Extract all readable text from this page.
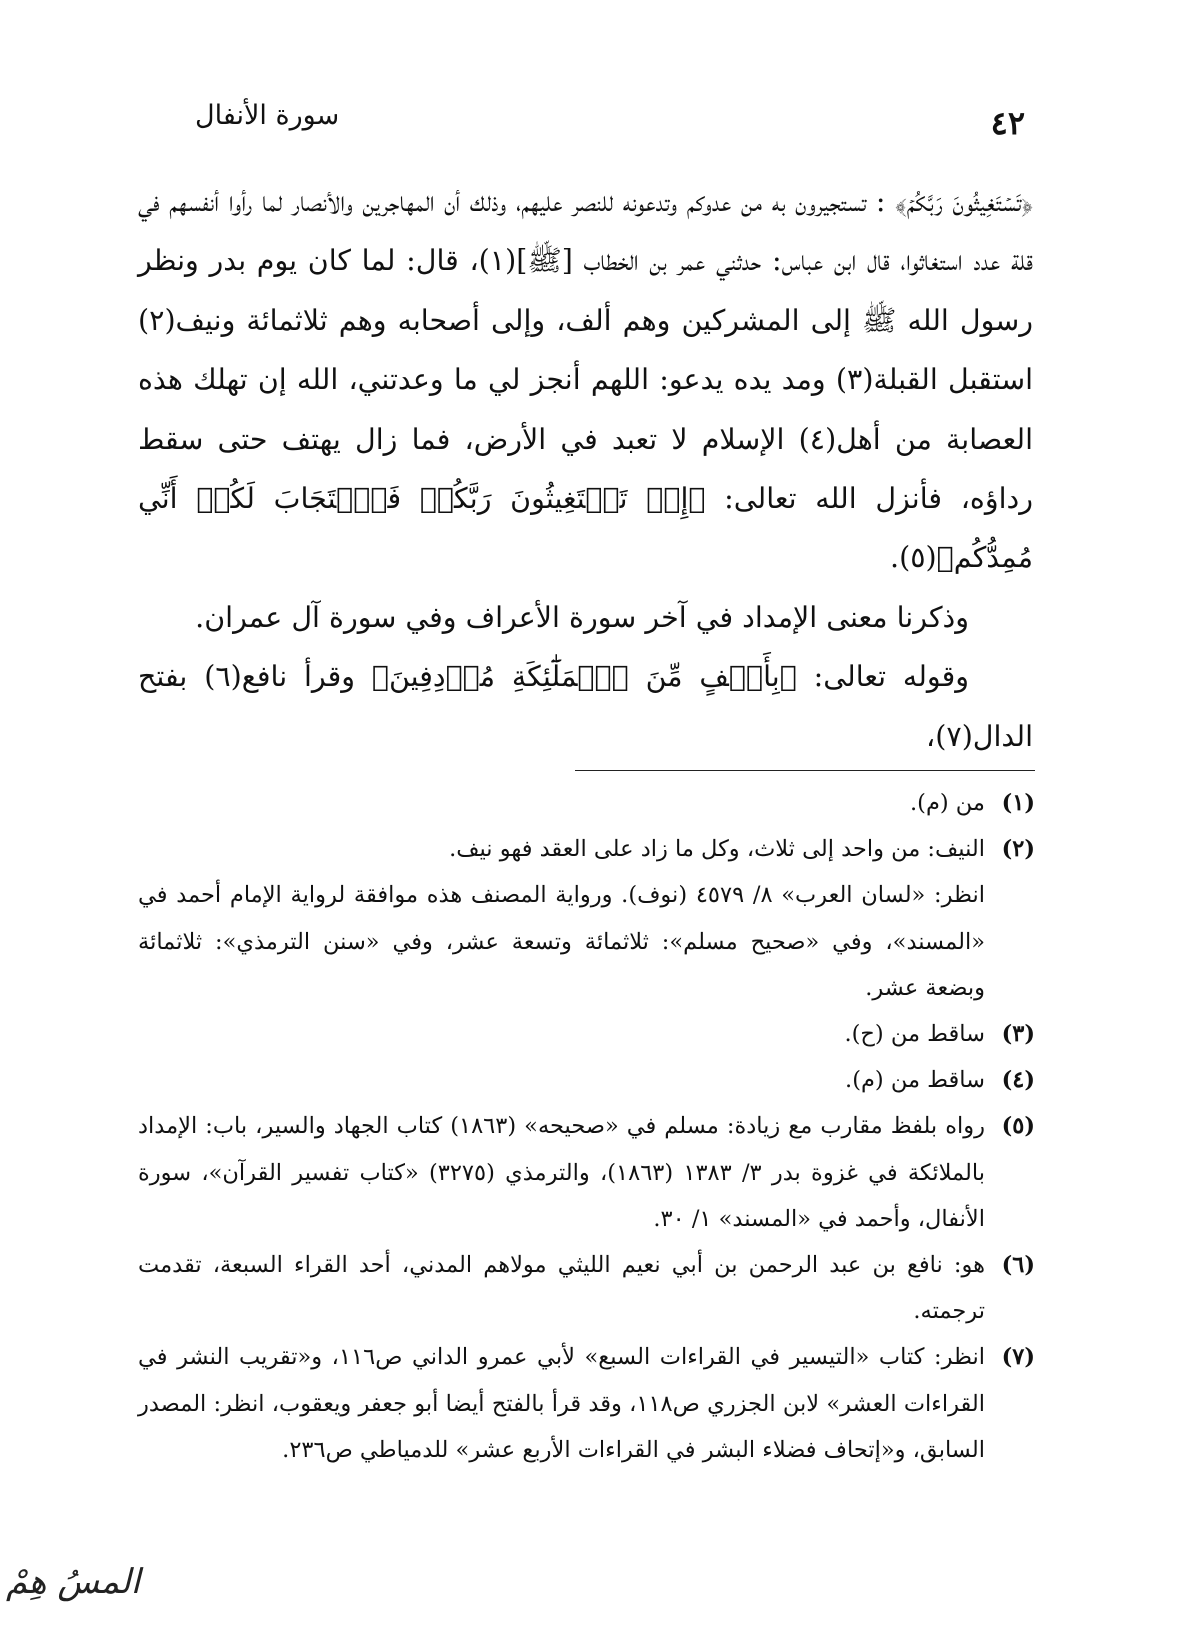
٤٢
سورة الأنفال

﴿تَسۡتَغِيثُونَ رَبَّكُمۡ﴾ : تستجيرون به من عدوكم وتدعونه للنصر عليهم، وذلك أن المهاجرين والأنصار لما رأوا أنفسهم في قلة عدد استغاثوا، قال ابن عباس: حدثني عمر بن الخطاب [ﷺ](١)، قال: لما كان يوم بدر ونظر رسول الله ﷺ إلى المشركين وهم ألف، وإلى أصحابه وهم ثلاثمائة ونيف(٢) استقبل القبلة(٣) ومد يده يدعو: اللهم أنجز لي ما وعدتني، الله إن تهلك هذه العصابة من أهل(٤) الإسلام لا تعبد في الأرض، فما زال يهتف حتى سقط رداؤه، فأنزل الله تعالى: ﴿إِذۡ تَسۡتَغِيثُونَ رَبَّكُمۡ فَٱسۡتَجَابَ لَكُمۡ أَنِّي مُمِدُّكُم﴾(٥).

وذكرنا معنى الإمداد في آخر سورة الأعراف وفي سورة آل عمران.

وقوله تعالى: ﴿بِأَلۡفٍ مِّنَ ٱلۡمَلَٰٓئِكَةِ مُرۡدِفِينَ﴾ وقرأ نافع(٦) بفتح الدال(٧)،

(١)

من (م).

(٢)

النيف: من واحد إلى ثلاث، وكل ما زاد على العقد فهو نيف.

انظر: «لسان العرب» ٨/ ٤٥٧٩ (نوف). ورواية المصنف هذه موافقة لرواية الإمام أحمد في «المسند»، وفي «صحيح مسلم»: ثلاثمائة وتسعة عشر، وفي «سنن الترمذي»: ثلاثمائة وبضعة عشر.

(٣)

ساقط من (ح).

(٤)

ساقط من (م).

(٥)

رواه بلفظ مقارب مع زيادة: مسلم في «صحيحه» (١٨٦٣) كتاب الجهاد والسير، باب: الإمداد بالملائكة في غزوة بدر ٣/ ١٣٨٣ (١٨٦٣)، والترمذي (٣٢٧٥) «كتاب تفسير القرآن»، سورة الأنفال، وأحمد في «المسند» ١/ ٣٠.

(٦)

هو: نافع بن عبد الرحمن بن أبي نعيم الليثي مولاهم المدني، أحد القراء السبعة، تقدمت ترجمته.

(٧)

انظر: كتاب «التيسير في القراءات السبع» لأبي عمرو الداني ص١١٦، و«تقريب النشر في القراءات العشر» لابن الجزري ص١١٨، وقد قرأ بالفتح أيضا أبو جعفر ويعقوب، انظر: المصدر السابق، و«إتحاف فضلاء البشر في القراءات الأربع عشر» للدمياطي ص٢٣٦.

المسُ هِمْ
